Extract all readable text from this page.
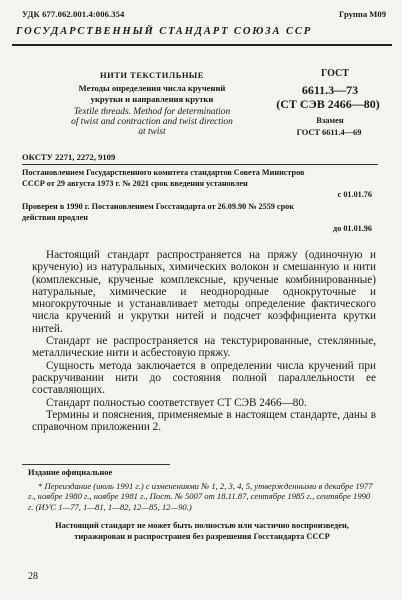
УДК 677.062.001.4:006.354	Группа М09
ГОСУДАРСТВЕННЫЙ СТАНДАРТ СОЮЗА ССР
НИТИ ТЕКСТИЛЬНЫЕ
Методы определения числа кручений
укрутки и направления крутки
Textile threads. Method for determination
of twist and contraction and twist direction
at twist
ГОСТ
6611.3—73
(СТ СЭВ 2466—80)
Взамен
ГОСТ 6611.4—69
ОКСТУ 2271, 2272, 9109
Постановлением Государственного комитета стандартов Совета Министров
СССР от 29 августа 1973 г. № 2021 срок введения установлен
с 01.01.76
Проверен в 1990 г. Постановлением Госстандарта от 26.09.90 № 2559 срок
действия продлен
до 01.01.96

Настоящий стандарт распространяется на пряжу (одиночную и крученую) из натуральных, химических волокон и смешанную и нити (комплексные, крученые комплексные, крученые комбинированные) натуральные, химические и неоднородные однокруточные и многокруточные и устанавливает методы определение фактического числа кручений и укрутки нитей и подсчет коэффициента крутки нитей.

Стандарт не распространяется на текстурированные, стеклянные, металлические нити и асбестовую пряжу.

Сущность метода заключается в определении числа кручений при раскручивании нити до состояния полной параллельности ее составляющих.

Стандарт полностью соответствует СТ СЭВ 2466—80.

Термины и пояснения, применяемые в настоящем стандарте, даны в справочном приложении 2.

Издание официальное
* Переиздание (июль 1991 г.) с изменениями № 1, 2, 3, 4, 5, утвержденными в декабре 1977 г., ноябре 1980 г., ноябре 1981 г., Пост. № 5007 от 18.11.87, сентябре 1985 г., сентябре 1990 г. (ИУС 1—77, 1—81, 1—82, 12—85, 12—90.)
Настоящий стандарт не может быть полностью или частично воспроизведен, тиражирован и распространен без разрешения Госстандарта СССР
28
